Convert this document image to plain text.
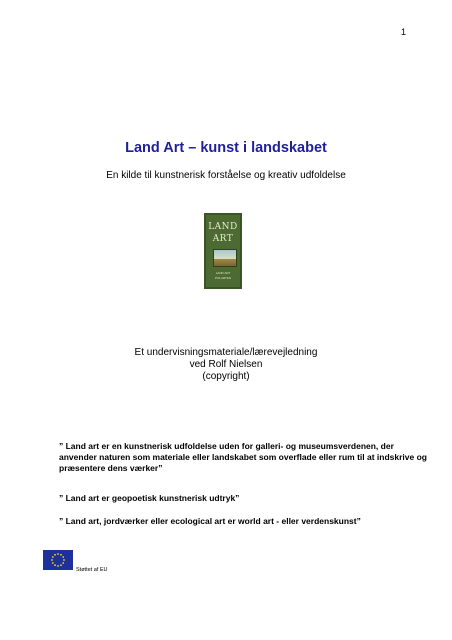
1
Land Art – kunst i landskabet
En kilde til kunstnerisk forståelse og kreativ udfoldelse
LAND
ART
LAND ART
POLARTEN
Et undervisningsmateriale/lærevejledning
ved Rolf Nielsen
(copyright)
” Land art er en kunstnerisk udfoldelse uden for galleri- og museumsverdenen, der anvender naturen som materiale eller landskabet som overflade eller rum til at indskrive og præsentere dens værker”
” Land art er geopoetisk kunstnerisk udtryk”
” Land art, jordværker eller ecological art er world art - eller verdenskunst”
Støttet af EU
